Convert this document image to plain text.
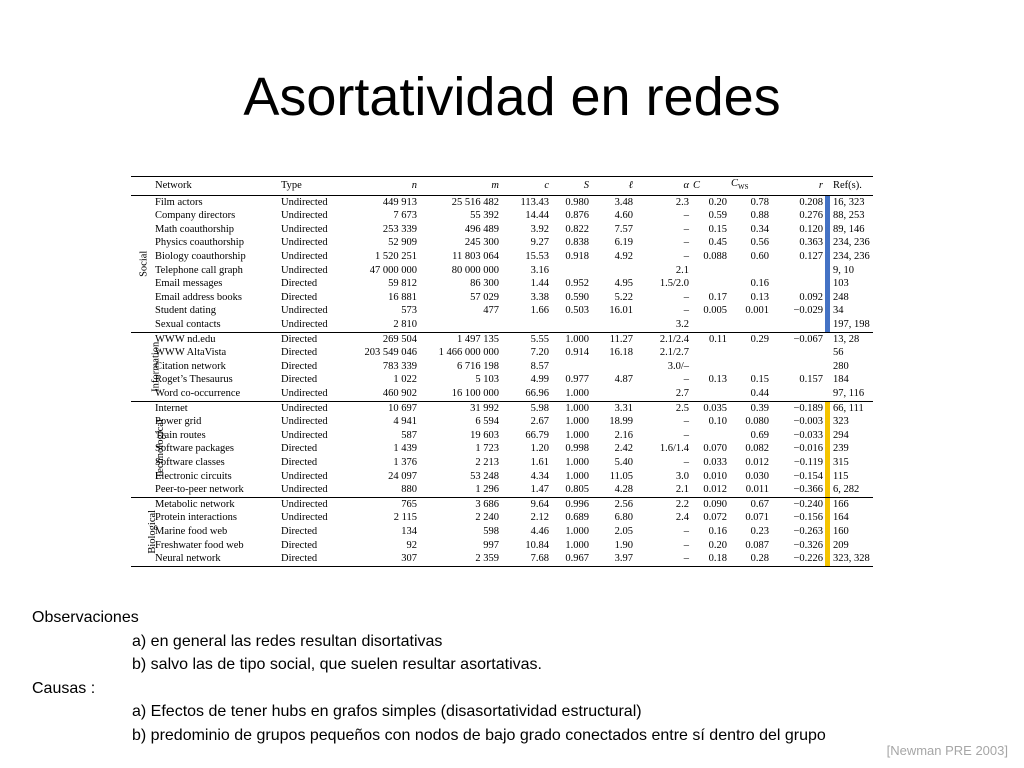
Asortatividad en redes
	Network	Type	n	m	c	S	ℓ	α	C	$C_{WS}$	r	Ref(s).
Social	Film actors	Undirected	449 913	25 516 482	113.43	0.980	3.48	2.3	0.20	0.78	0.208	16, 323
	Company directors	Undirected	7 673	55 392	14.44	0.876	4.60	–	0.59	0.88	0.276	88, 253
	Math coauthorship	Undirected	253 339	496 489	3.92	0.822	7.57	–	0.15	0.34	0.120	89, 146
	Physics coauthorship	Undirected	52 909	245 300	9.27	0.838	6.19	–	0.45	0.56	0.363	234, 236
	Biology coauthorship	Undirected	1 520 251	11 803 064	15.53	0.918	4.92	–	0.088	0.60	0.127	234, 236
	Telephone call graph	Undirected	47 000 000	80 000 000	3.16			2.1				9, 10
	Email messages	Directed	59 812	86 300	1.44	0.952	4.95	1.5/2.0		0.16		103
	Email address books	Directed	16 881	57 029	3.38	0.590	5.22	–	0.17	0.13	0.092	248
	Student dating	Undirected	573	477	1.66	0.503	16.01	–	0.005	0.001	−0.029	34
	Sexual contacts	Undirected	2 810					3.2				197, 198
Information	WWW nd.edu	Directed	269 504	1 497 135	5.55	1.000	11.27	2.1/2.4	0.11	0.29	−0.067	13, 28
	WWW AltaVista	Directed	203 549 046	1 466 000 000	7.20	0.914	16.18	2.1/2.7				56
	Citation network	Directed	783 339	6 716 198	8.57			3.0/–				280
	Roget’s Thesaurus	Directed	1 022	5 103	4.99	0.977	4.87	–	0.13	0.15	0.157	184
	Word co-occurrence	Undirected	460 902	16 100 000	66.96	1.000		2.7		0.44		97, 116
Technological	Internet	Undirected	10 697	31 992	5.98	1.000	3.31	2.5	0.035	0.39	−0.189	66, 111
	Power grid	Undirected	4 941	6 594	2.67	1.000	18.99	–	0.10	0.080	−0.003	323
	Train routes	Undirected	587	19 603	66.79	1.000	2.16	–		0.69	−0.033	294
	Software packages	Directed	1 439	1 723	1.20	0.998	2.42	1.6/1.4	0.070	0.082	−0.016	239
	Software classes	Directed	1 376	2 213	1.61	1.000	5.40	–	0.033	0.012	−0.119	315
	Electronic circuits	Undirected	24 097	53 248	4.34	1.000	11.05	3.0	0.010	0.030	−0.154	115
	Peer-to-peer network	Undirected	880	1 296	1.47	0.805	4.28	2.1	0.012	0.011	−0.366	6, 282
Biological	Metabolic network	Undirected	765	3 686	9.64	0.996	2.56	2.2	0.090	0.67	−0.240	166
	Protein interactions	Undirected	2 115	2 240	2.12	0.689	6.80	2.4	0.072	0.071	−0.156	164
	Marine food web	Directed	134	598	4.46	1.000	2.05	–	0.16	0.23	−0.263	160
	Freshwater food web	Directed	92	997	10.84	1.000	1.90	–	0.20	0.087	−0.326	209
	Neural network	Directed	307	2 359	7.68	0.967	3.97	–	0.18	0.28	−0.226	323, 328
Observaciones
a) en general las redes resultan disortativas
b) salvo las de tipo social, que suelen resultar asortativas.
Causas :
a) Efectos de tener hubs en grafos simples (disasortatividad estructural)
b) predominio de grupos pequeños con nodos de bajo grado conectados entre sí dentro del grupo
[Newman PRE 2003]
